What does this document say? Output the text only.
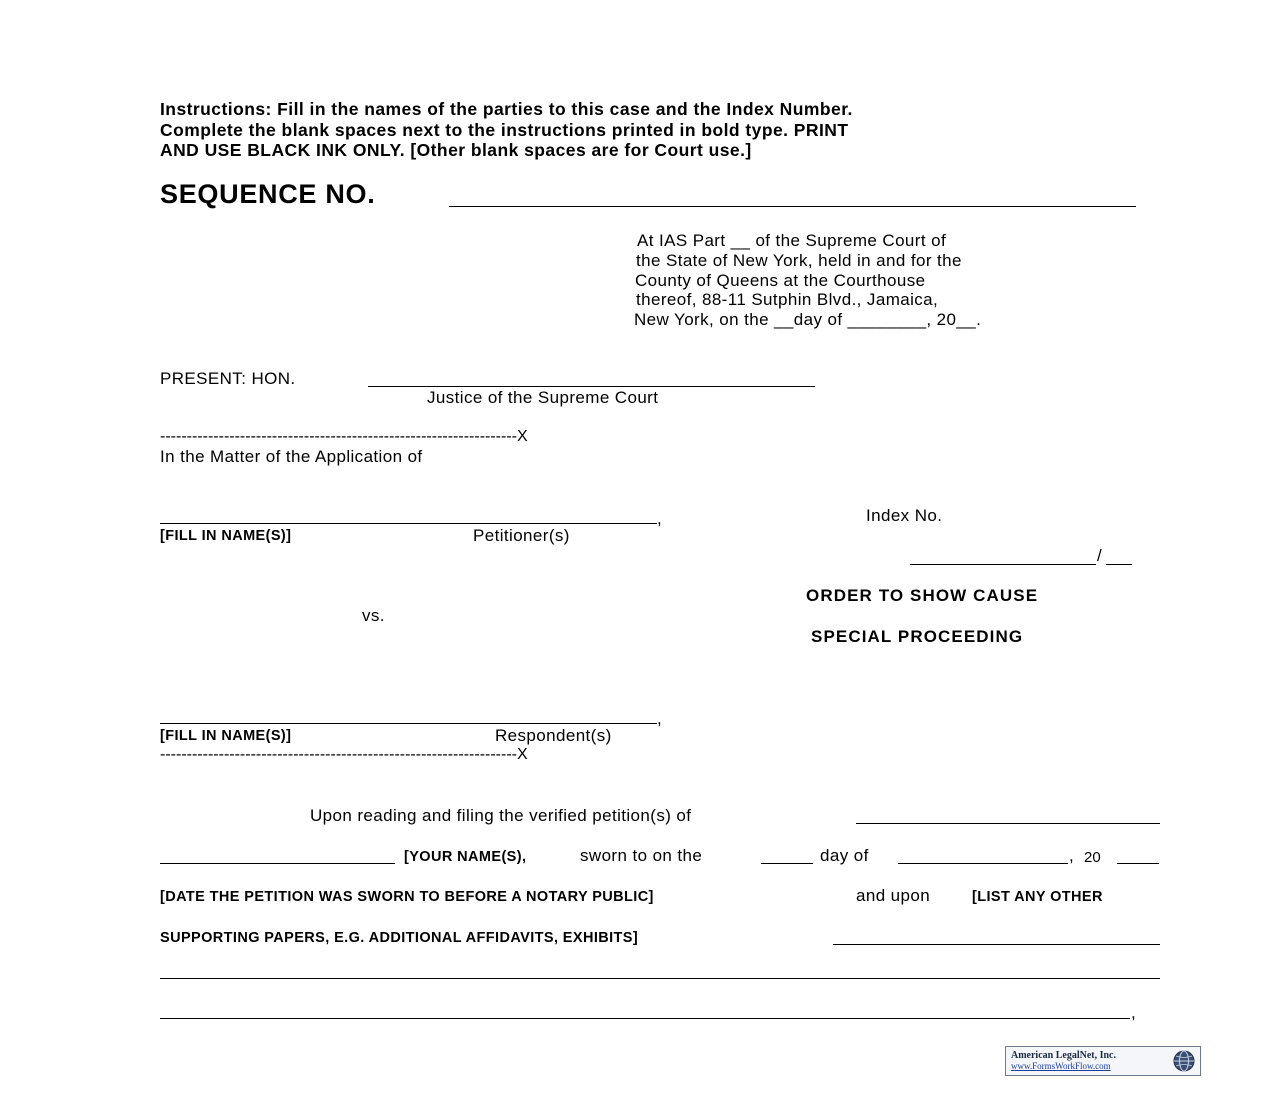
Instructions: Fill in the names of the parties to this case and the Index Number.
Complete the blank spaces next to the instructions printed in bold type. PRINT
AND USE BLACK INK ONLY. [Other blank spaces are for Court use.]
SEQUENCE NO.
At IAS Part __ of the Supreme Court of
the State of New York, held in and for the
County of Queens at the Courthouse
thereof, 88-11 Sutphin Blvd., Jamaica,
New York, on the __day of ________, 20__.
PRESENT: HON.
Justice of the Supreme Court
-------------------------------------------------------------------X
In the Matter of the Application of
,
[FILL IN NAME(S)]	Petitioner(s)
Index No.
/
ORDER TO SHOW CAUSE
vs.
SPECIAL PROCEEDING
,
[FILL IN NAME(S)]	Respondent(s)
-------------------------------------------------------------------X
Upon reading and filing the verified petition(s) of
[YOUR NAME(S),	sworn to on the	day of	, 20
[DATE THE PETITION WAS SWORN TO BEFORE A NOTARY PUBLIC]	and upon	[LIST ANY OTHER
SUPPORTING PAPERS, E.G. ADDITIONAL AFFIDAVITS, EXHIBITS]
,
American LegalNet, Inc.
www.FormsWorkFlow.com
